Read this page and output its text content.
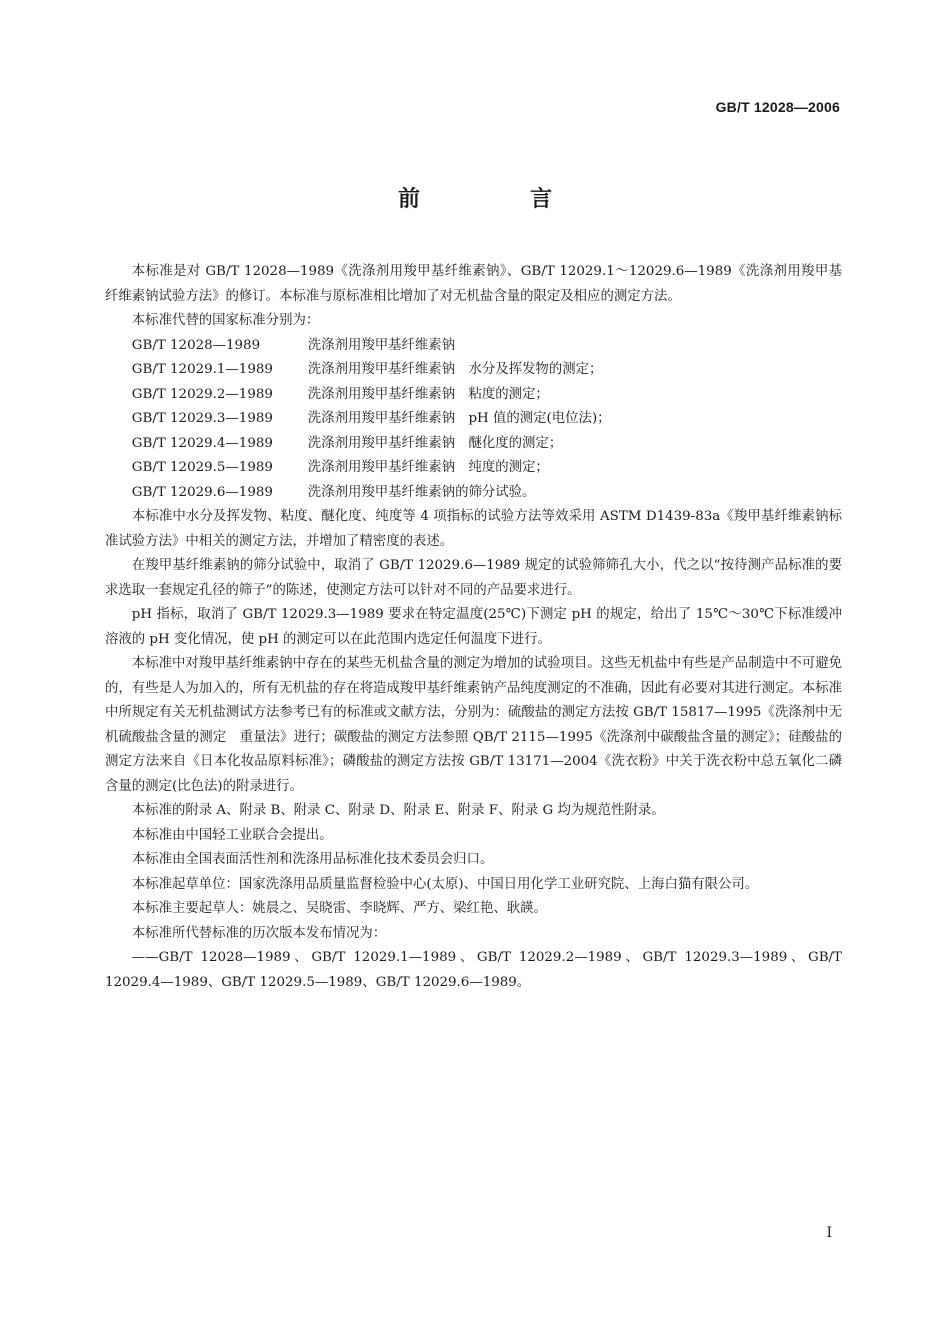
GB/T 12028—2006
前　言

本标准是对 GB/T 12028—1989《洗涤剂用羧甲基纤维素钠》、GB/T 12029.1～12029.6—1989《洗涤剂用羧甲基纤维素钠试验方法》的修订。本标准与原标准相比增加了对无机盐含量的限定及相应的测定方法。

本标准代替的国家标准分别为：

GB/T 12028—1989	洗涤剂用羧甲基纤维素钠
GB/T 12029.1—1989	洗涤剂用羧甲基纤维素钠　水分及挥发物的测定；
GB/T 12029.2—1989	洗涤剂用羧甲基纤维素钠　粘度的测定；
GB/T 12029.3—1989	洗涤剂用羧甲基纤维素钠　pH 值的测定(电位法)；
GB/T 12029.4—1989	洗涤剂用羧甲基纤维素钠　醚化度的测定；
GB/T 12029.5—1989	洗涤剂用羧甲基纤维素钠　纯度的测定；
GB/T 12029.6—1989	洗涤剂用羧甲基纤维素钠的筛分试验。

本标准中水分及挥发物、粘度、醚化度、纯度等 4 项指标的试验方法等效采用 ASTM D1439-83a《羧甲基纤维素钠标准试验方法》中相关的测定方法，并增加了精密度的表述。

在羧甲基纤维素钠的筛分试验中，取消了 GB/T 12029.6—1989 规定的试验筛筛孔大小，代之以“按待测产品标准的要求选取一套规定孔径的筛子”的陈述，使测定方法可以针对不同的产品要求进行。

pH 指标，取消了 GB/T 12029.3—1989 要求在特定温度(25℃)下测定 pH 的规定，给出了 15℃～30℃下标准缓冲溶液的 pH 变化情况，使 pH 的测定可以在此范围内选定任何温度下进行。

本标准中对羧甲基纤维素钠中存在的某些无机盐含量的测定为增加的试验项目。这些无机盐中有些是产品制造中不可避免的，有些是人为加入的，所有无机盐的存在将造成羧甲基纤维素钠产品纯度测定的不准确，因此有必要对其进行测定。本标准中所规定有关无机盐测试方法参考已有的标准或文献方法，分别为：硫酸盐的测定方法按 GB/T 15817—1995《洗涤剂中无机硫酸盐含量的测定　重量法》进行；碳酸盐的测定方法参照 QB/T 2115—1995《洗涤剂中碳酸盐含量的测定》；硅酸盐的测定方法来自《日本化妆品原料标准》；磷酸盐的测定方法按 GB/T 13171—2004《洗衣粉》中关于洗衣粉中总五氧化二磷含量的测定(比色法)的附录进行。

本标准的附录 A、附录 B、附录 C、附录 D、附录 E、附录 F、附录 G 均为规范性附录。

本标准由中国轻工业联合会提出。

本标准由全国表面活性剂和洗涤用品标准化技术委员会归口。

本标准起草单位：国家洗涤用品质量监督检验中心(太原)、中国日用化学工业研究院、上海白猫有限公司。

本标准主要起草人：姚晨之、吴晓雷、李晓辉、严方、梁红艳、耿韺。

本标准所代替标准的历次版本发布情况为：

——GB/T 12028—1989、GB/T 12029.1—1989、GB/T 12029.2—1989、GB/T 12029.3—1989、GB/T 12029.4—1989、GB/T 12029.5—1989、GB/T 12029.6—1989。

I
